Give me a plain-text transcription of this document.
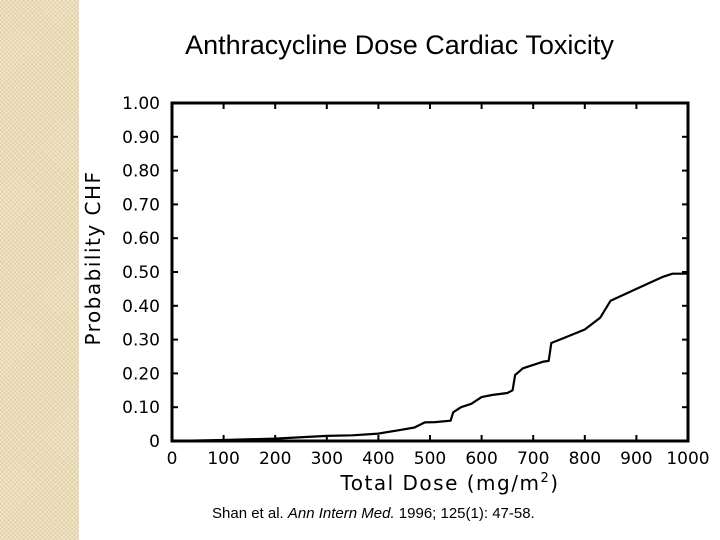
Anthracycline Dose Cardiac Toxicity
0
0.10
0.20
0.30
0.40
0.50
0.60
0.70
0.80
0.90
1.00
0 100 200 300 400 500 600 700 800 900 1000
Probability CHF
Total Dose $(mg/m^2)$
Shan et al. Ann Intern Med. 1996; 125(1): 47-58.
